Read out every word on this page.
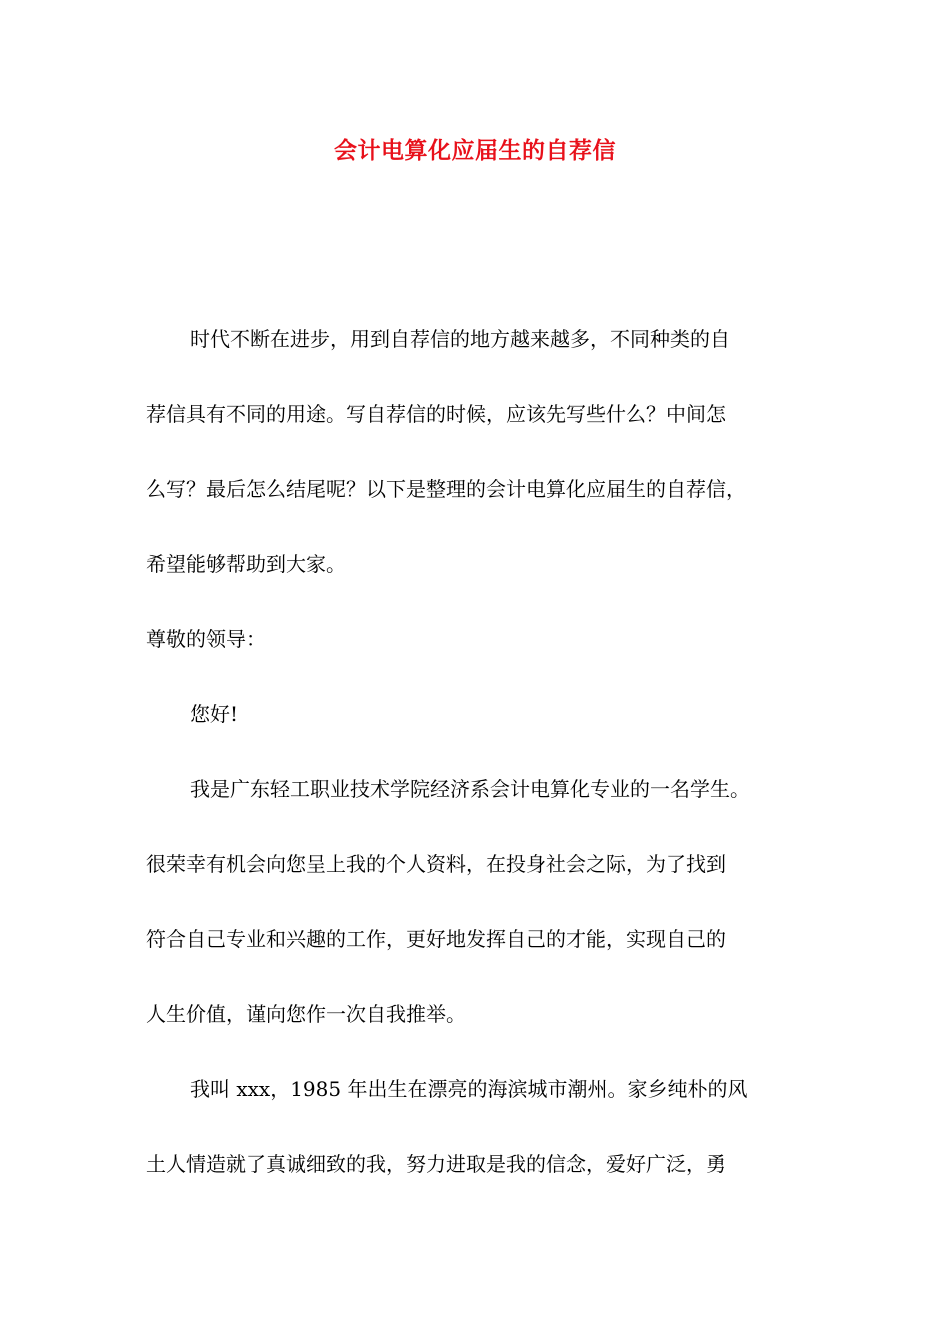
会计电算化应届生的自荐信
时代不断在进步，用到自荐信的地方越来越多，不同种类的自
荐信具有不同的用途。写自荐信的时候，应该先写些什么？中间怎
么写？最后怎么结尾呢？以下是整理的会计电算化应届生的自荐信，
希望能够帮助到大家。
尊敬的领导：
您好!
我是广东轻工职业技术学院经济系会计电算化专业的一名学生。
很荣幸有机会向您呈上我的个人资料，在投身社会之际，为了找到
符合自己专业和兴趣的工作，更好地发挥自己的才能，实现自己的
人生价值，谨向您作一次自我推举。
我叫 xxx，1985 年出生在漂亮的海滨城市潮州。家乡纯朴的风
土人情造就了真诚细致的我，努力进取是我的信念，爱好广泛，勇
